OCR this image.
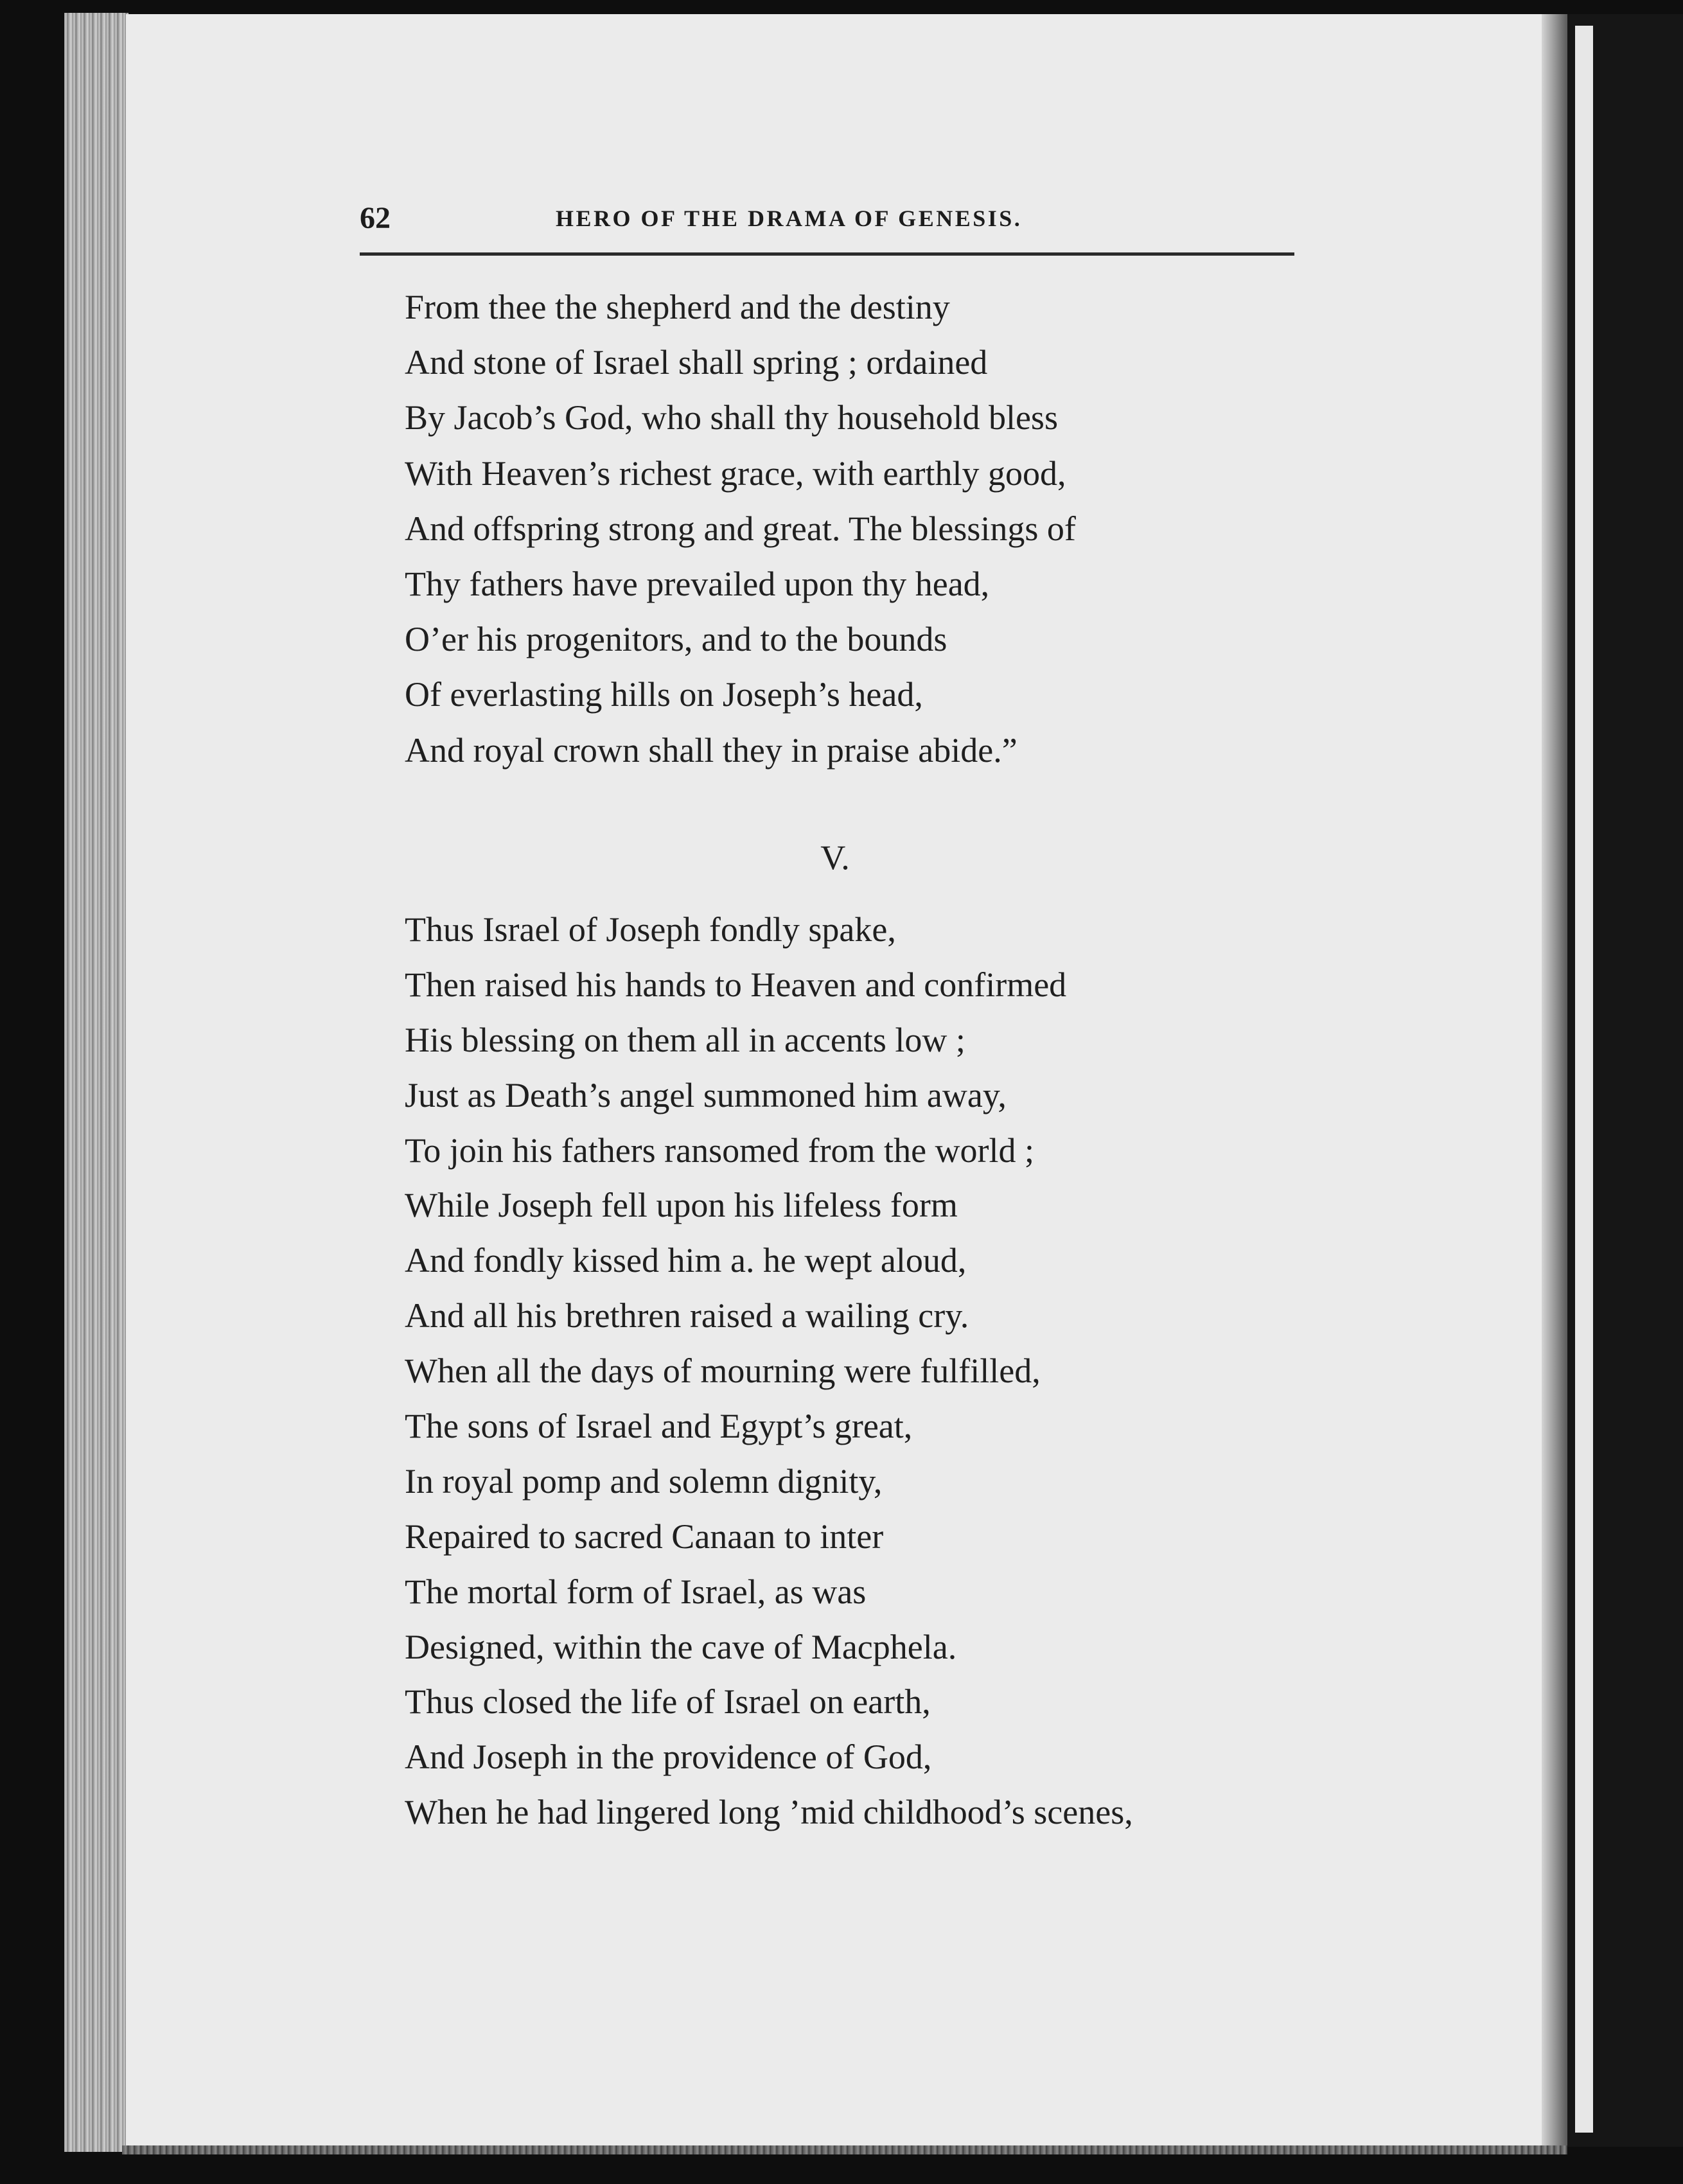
62	HERO OF THE DRAMA OF GENESIS.
From thee the shepherd and the destiny
And stone of Israel shall spring ; ordained
By Jacob’s God, who shall thy household bless
With Heaven’s richest grace, with earthly good,
And offspring strong and great. The blessings of
Thy fathers have prevailed upon thy head,
O’er his progenitors, and to the bounds
Of everlasting hills on Joseph’s head,
And royal crown shall they in praise abide.”
V.
Thus Israel of Joseph fondly spake,
Then raised his hands to Heaven and confirmed
His blessing on them all in accents low ;
Just as Death’s angel summoned him away,
To join his fathers ransomed from the world ;
While Joseph fell upon his lifeless form
And fondly kissed him a. he wept aloud,
And all his brethren raised a wailing cry.
When all the days of mourning were fulfilled,
The sons of Israel and Egypt’s great,
In royal pomp and solemn dignity,
Repaired to sacred Canaan to inter
The mortal form of Israel, as was
Designed, within the cave of Macphela.
Thus closed the life of Israel on earth,
And Joseph in the providence of God,
When he had lingered long ’mid childhood’s scenes,
